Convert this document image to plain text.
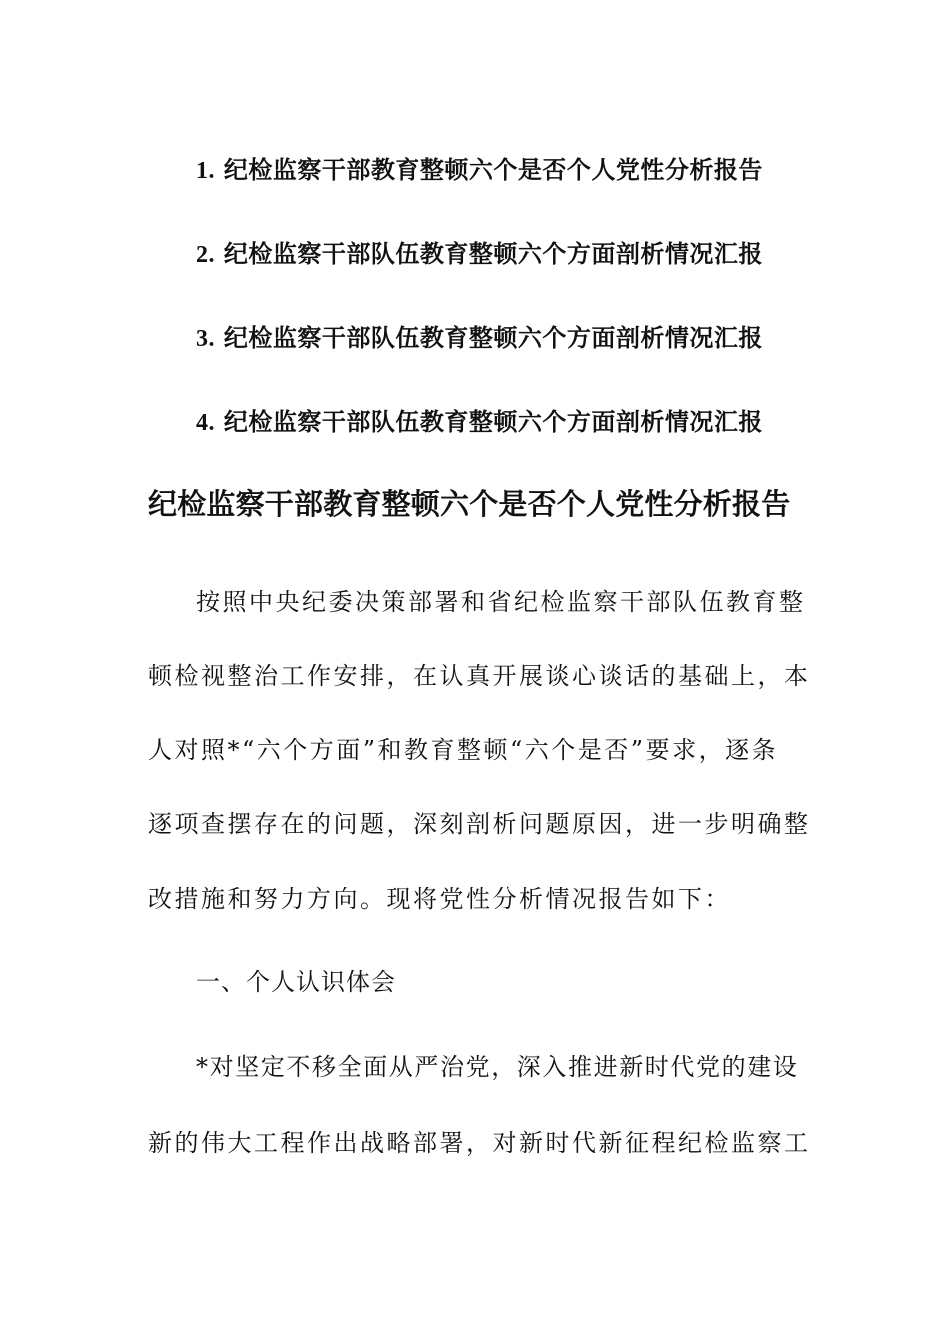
1. 纪检监察干部教育整顿六个是否个人党性分析报告
2. 纪检监察干部队伍教育整顿六个方面剖析情况汇报
3. 纪检监察干部队伍教育整顿六个方面剖析情况汇报
4. 纪检监察干部队伍教育整顿六个方面剖析情况汇报
纪检监察干部教育整顿六个是否个人党性分析报告
按照中央纪委决策部署和省纪检监察干部队伍教育整
顿检视整治工作安排，在认真开展谈心谈话的基础上，本
人对照*“六个方面”和教育整顿“六个是否”要求，逐条
逐项查摆存在的问题，深刻剖析问题原因，进一步明确整
改措施和努力方向。现将党性分析情况报告如下：
一、个人认识体会
*对坚定不移全面从严治党，深入推进新时代党的建设
新的伟大工程作出战略部署，对新时代新征程纪检监察工
